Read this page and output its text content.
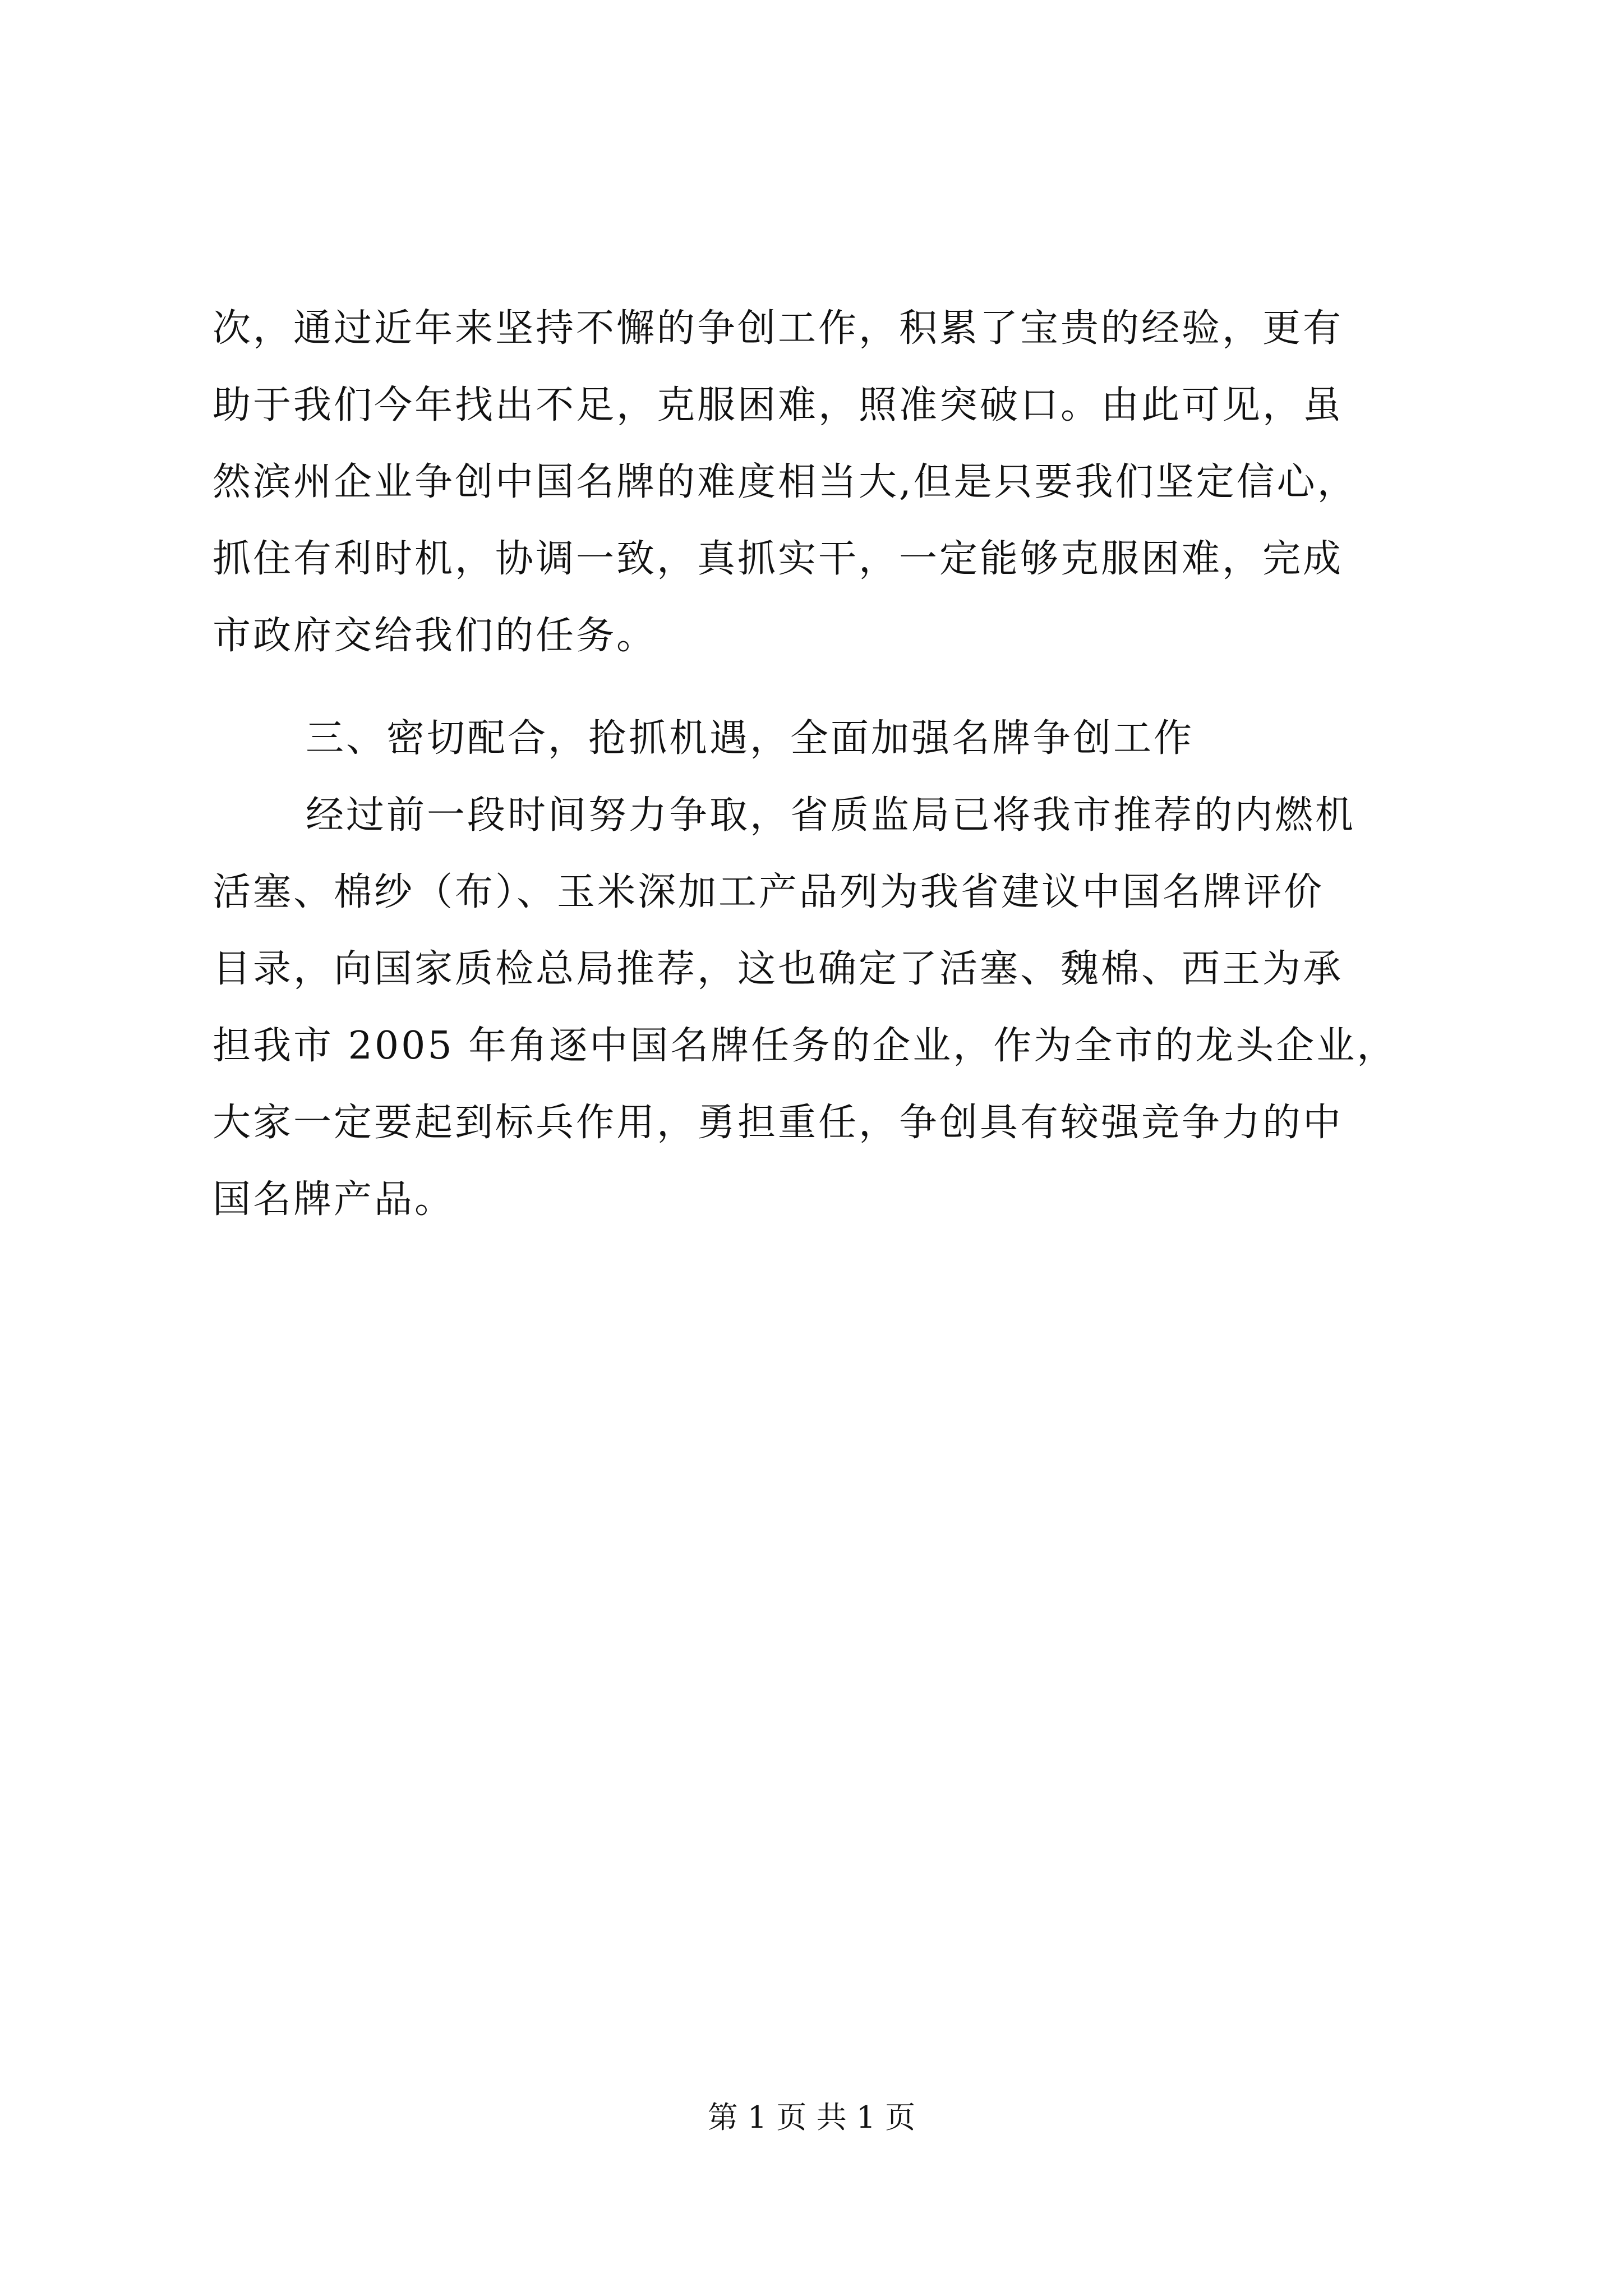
次，通过近年来坚持不懈的争创工作，积累了宝贵的经验，更有
助于我们今年找出不足，克服困难，照准突破口。由此可见，虽
然滨州企业争创中国名牌的难度相当大,但是只要我们坚定信心，
抓住有利时机，协调一致，真抓实干，一定能够克服困难，完成
市政府交给我们的任务。
三、密切配合，抢抓机遇，全面加强名牌争创工作
经过前一段时间努力争取，省质监局已将我市推荐的内燃机
活塞、棉纱（布）、玉米深加工产品列为我省建议中国名牌评价
目录，向国家质检总局推荐，这也确定了活塞、魏棉、西王为承
担我市 2005 年角逐中国名牌任务的企业，作为全市的龙头企业，
大家一定要起到标兵作用，勇担重任，争创具有较强竞争力的中
国名牌产品。
第 1 页 共 1 页
